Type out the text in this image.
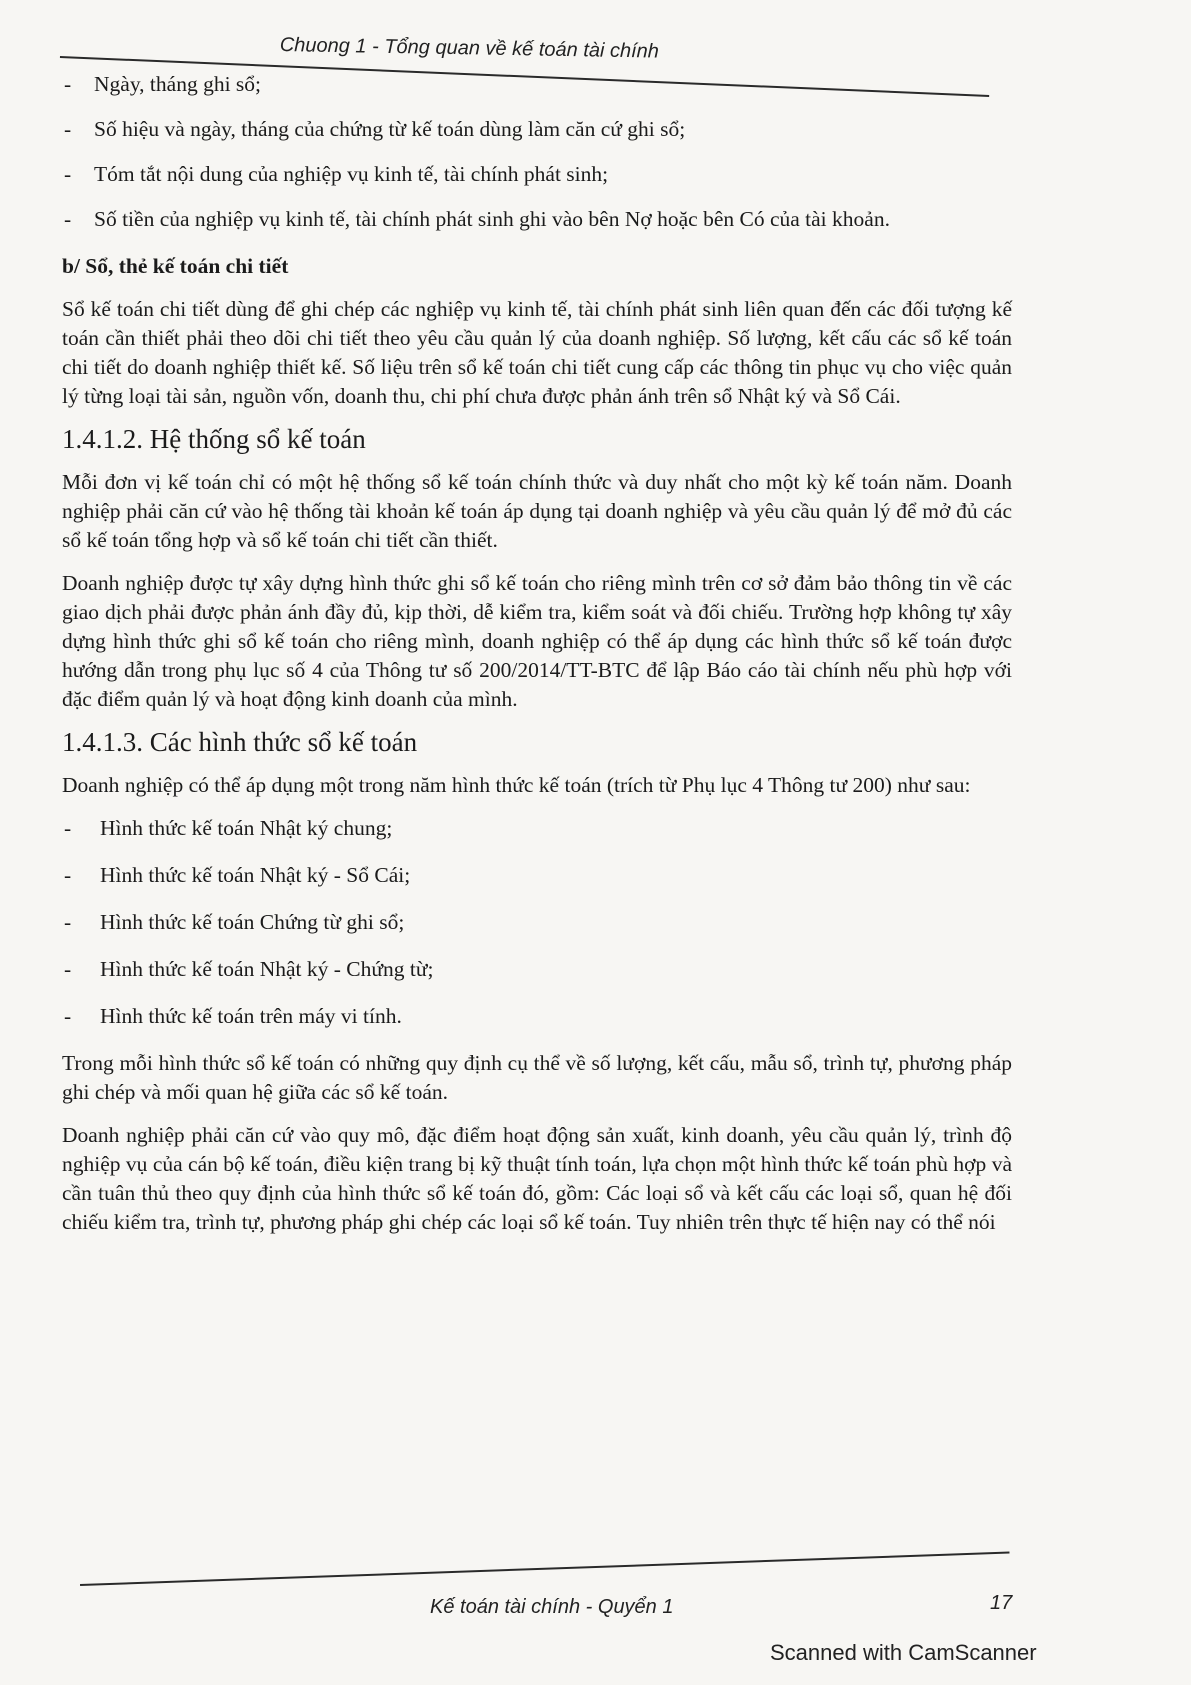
Chuong 1 - Tổng quan về kế toán tài chính
- Ngày, tháng ghi sổ;
- Số hiệu và ngày, tháng của chứng từ kế toán dùng làm căn cứ ghi sổ;
- Tóm tắt nội dung của nghiệp vụ kinh tế, tài chính phát sinh;
- Số tiền của nghiệp vụ kinh tế, tài chính phát sinh ghi vào bên Nợ hoặc bên Có của tài khoản.
b/ Sổ, thẻ kế toán chi tiết

Sổ kế toán chi tiết dùng để ghi chép các nghiệp vụ kinh tế, tài chính phát sinh liên quan đến các đối tượng kế toán cần thiết phải theo dõi chi tiết theo yêu cầu quản lý của doanh nghiệp. Số lượng, kết cấu các sổ kế toán chi tiết do doanh nghiệp thiết kế. Số liệu trên sổ kế toán chi tiết cung cấp các thông tin phục vụ cho việc quản lý từng loại tài sản, nguồn vốn, doanh thu, chi phí chưa được phản ánh trên sổ Nhật ký và Sổ Cái.

1.4.1.2. Hệ thống sổ kế toán

Mỗi đơn vị kế toán chỉ có một hệ thống sổ kế toán chính thức và duy nhất cho một kỳ kế toán năm. Doanh nghiệp phải căn cứ vào hệ thống tài khoản kế toán áp dụng tại doanh nghiệp và yêu cầu quản lý để mở đủ các sổ kế toán tổng hợp và sổ kế toán chi tiết cần thiết.

Doanh nghiệp được tự xây dựng hình thức ghi sổ kế toán cho riêng mình trên cơ sở đảm bảo thông tin về các giao dịch phải được phản ánh đầy đủ, kịp thời, dễ kiểm tra, kiểm soát và đối chiếu. Trường hợp không tự xây dựng hình thức ghi sổ kế toán cho riêng mình, doanh nghiệp có thể áp dụng các hình thức sổ kế toán được hướng dẫn trong phụ lục số 4 của Thông tư số 200/2014/TT-BTC để lập Báo cáo tài chính nếu phù hợp với đặc điểm quản lý và hoạt động kinh doanh của mình.

1.4.1.3. Các hình thức sổ kế toán

Doanh nghiệp có thể áp dụng một trong năm hình thức kế toán (trích từ Phụ lục 4 Thông tư 200) như sau:

- Hình thức kế toán Nhật ký chung;
- Hình thức kế toán Nhật ký - Sổ Cái;
- Hình thức kế toán Chứng từ ghi sổ;
- Hình thức kế toán Nhật ký - Chứng từ;
- Hình thức kế toán trên máy vi tính.

Trong mỗi hình thức sổ kế toán có những quy định cụ thể về số lượng, kết cấu, mẫu sổ, trình tự, phương pháp ghi chép và mối quan hệ giữa các sổ kế toán.

Doanh nghiệp phải căn cứ vào quy mô, đặc điểm hoạt động sản xuất, kinh doanh, yêu cầu quản lý, trình độ nghiệp vụ của cán bộ kế toán, điều kiện trang bị kỹ thuật tính toán, lựa chọn một hình thức kế toán phù hợp và cần tuân thủ theo quy định của hình thức sổ kế toán đó, gồm: Các loại sổ và kết cấu các loại sổ, quan hệ đối chiếu kiểm tra, trình tự, phương pháp ghi chép các loại sổ kế toán. Tuy nhiên trên thực tế hiện nay có thể nói

Kế toán tài chính - Quyển 1	17
Scanned with CamScanner
